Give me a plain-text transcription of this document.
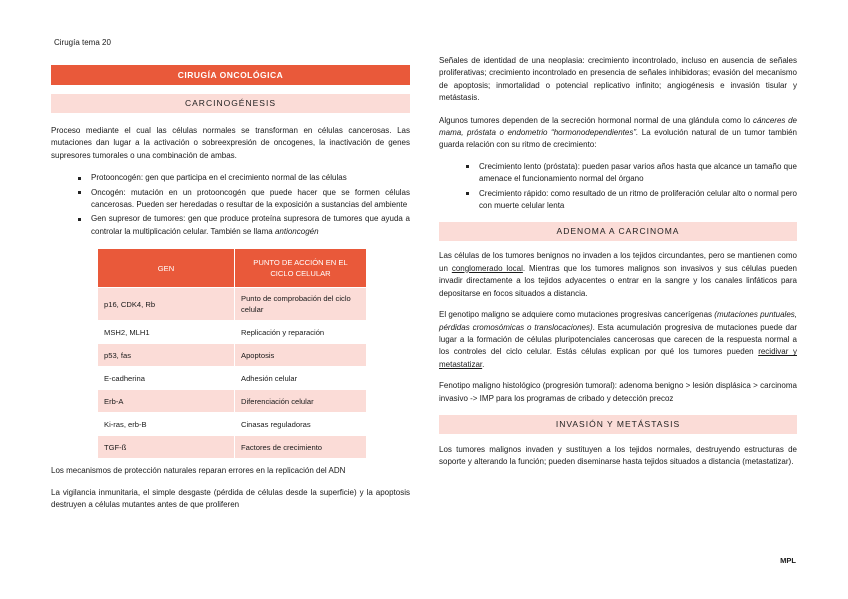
Cirugía tema 20
CIRUGÍA ONCOLÓGICA
CARCINOGÉNESIS

Proceso mediante el cual las células normales se transforman en células cancerosas. Las mutaciones dan lugar a la activación o sobreexpresión de oncogenes, la inactivación de genes supresores tumorales o una combinación de ambas.

Protooncogén: gen que participa en el crecimiento normal de las células
Oncogén: mutación en un protooncogén que puede hacer que se formen células cancerosas. Pueden ser heredadas o resultar de la exposición a sustancias del ambiente
Gen supresor de tumores: gen que produce proteína supresora de tumores que ayuda a controlar la multiplicación celular. También se llama antioncogén
GEN	PUNTO DE ACCIÓN EN EL CICLO CELULAR
p16, CDK4, Rb	Punto de comprobación del ciclo celular
MSH2, MLH1	Replicación y reparación
p53, fas	Apoptosis
E-cadherina	Adhesión celular
Erb-A	Diferenciación celular
Ki-ras, erb-B	Cinasas reguladoras
TGF-ß	Factores de crecimiento

Los mecanismos de protección naturales reparan errores en la replicación del ADN

La vigilancia inmunitaria, el simple desgaste (pérdida de células desde la superficie) y la apoptosis destruyen a células mutantes antes de que proliferen

Señales de identidad de una neoplasia: crecimiento incontrolado, incluso en ausencia de señales proliferativas; crecimiento incontrolado en presencia de señales inhibidoras; evasión del mecanismo de apoptosis; inmortalidad o potencial replicativo infinito; angiogénesis e invasión tisular y metástasis.

Algunos tumores dependen de la secreción hormonal normal de una glándula como lo cánceres de mama, próstata o endometrio “hormonodependientes”. La evolución natural de un tumor también guarda relación con su ritmo de crecimiento:

Crecimiento lento (próstata): pueden pasar varios años hasta que alcance un tamaño que amenace el funcionamiento normal del órgano
Crecimiento rápido: como resultado de un ritmo de proliferación celular alto o normal pero con muerte celular lenta
ADENOMA A CARCINOMA

Las células de los tumores benignos no invaden a los tejidos circundantes, pero se mantienen como un conglomerado local. Mientras que los tumores malignos son invasivos y sus células pueden invadir directamente a los tejidos adyacentes o entrar en la sangre y los canales linfáticos para depositarse en focos situados a distancia.

El genotipo maligno se adquiere como mutaciones progresivas cancerígenas (mutaciones puntuales, pérdidas cromosómicas o translocaciones). Esta acumulación progresiva de mutaciones puede dar lugar a la formación de células pluripotenciales cancerosas que carecen de la respuesta normal a los controles del ciclo celular. Estás células explican por qué los tumores pueden recidivar y metastatizar.

Fenotipo maligno histológico (progresión tumoral): adenoma benigno > lesión displásica > carcinoma invasivo -> IMP para los programas de cribado y detección precoz

INVASIÓN Y METÁSTASIS

Los tumores malignos invaden y sustituyen a los tejidos normales, destruyendo estructuras de soporte y alterando la función; pueden diseminarse hasta tejidos situados a distancia (metastatizar).

MPL
